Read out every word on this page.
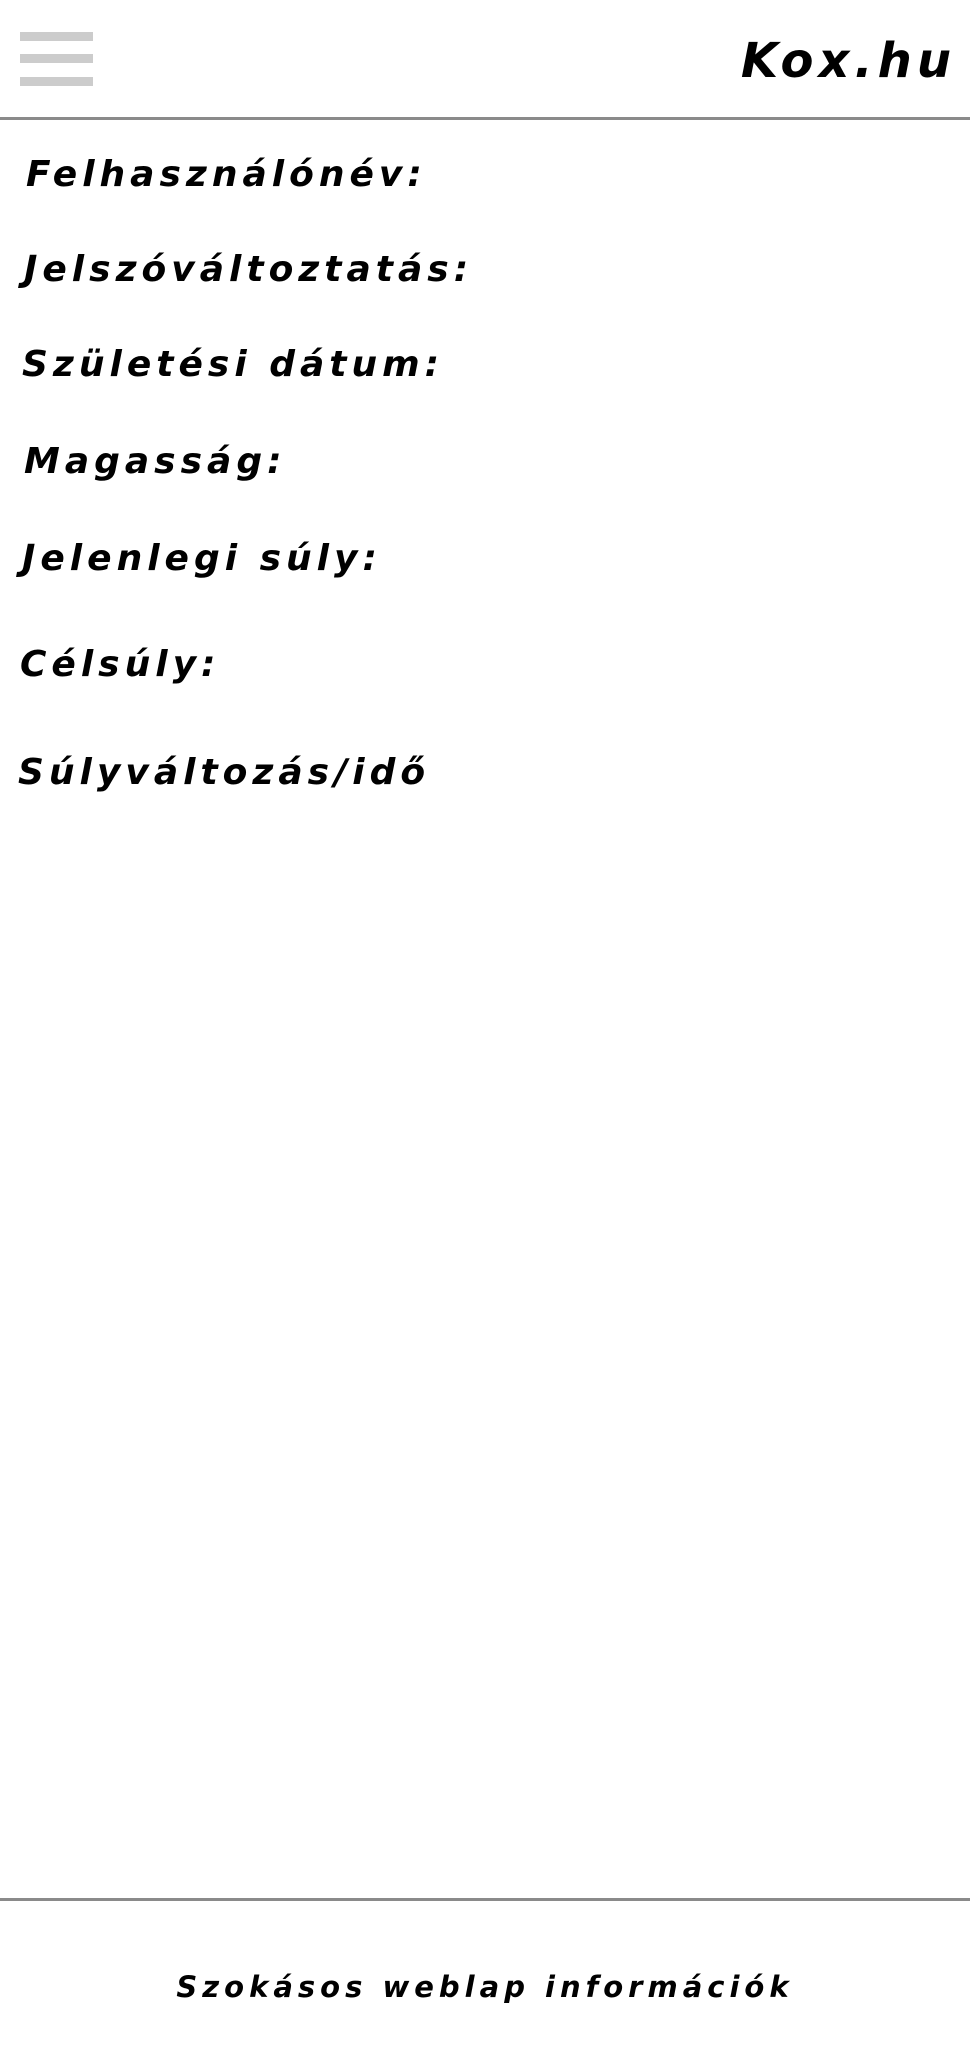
Kox.hu
Felhasználónév:
Jelszóváltoztatás:
Születési dátum:
Magasság:
Jelenlegi súly:
Célsúly:
Súlyváltozás/idő
Szokásos weblap információk
